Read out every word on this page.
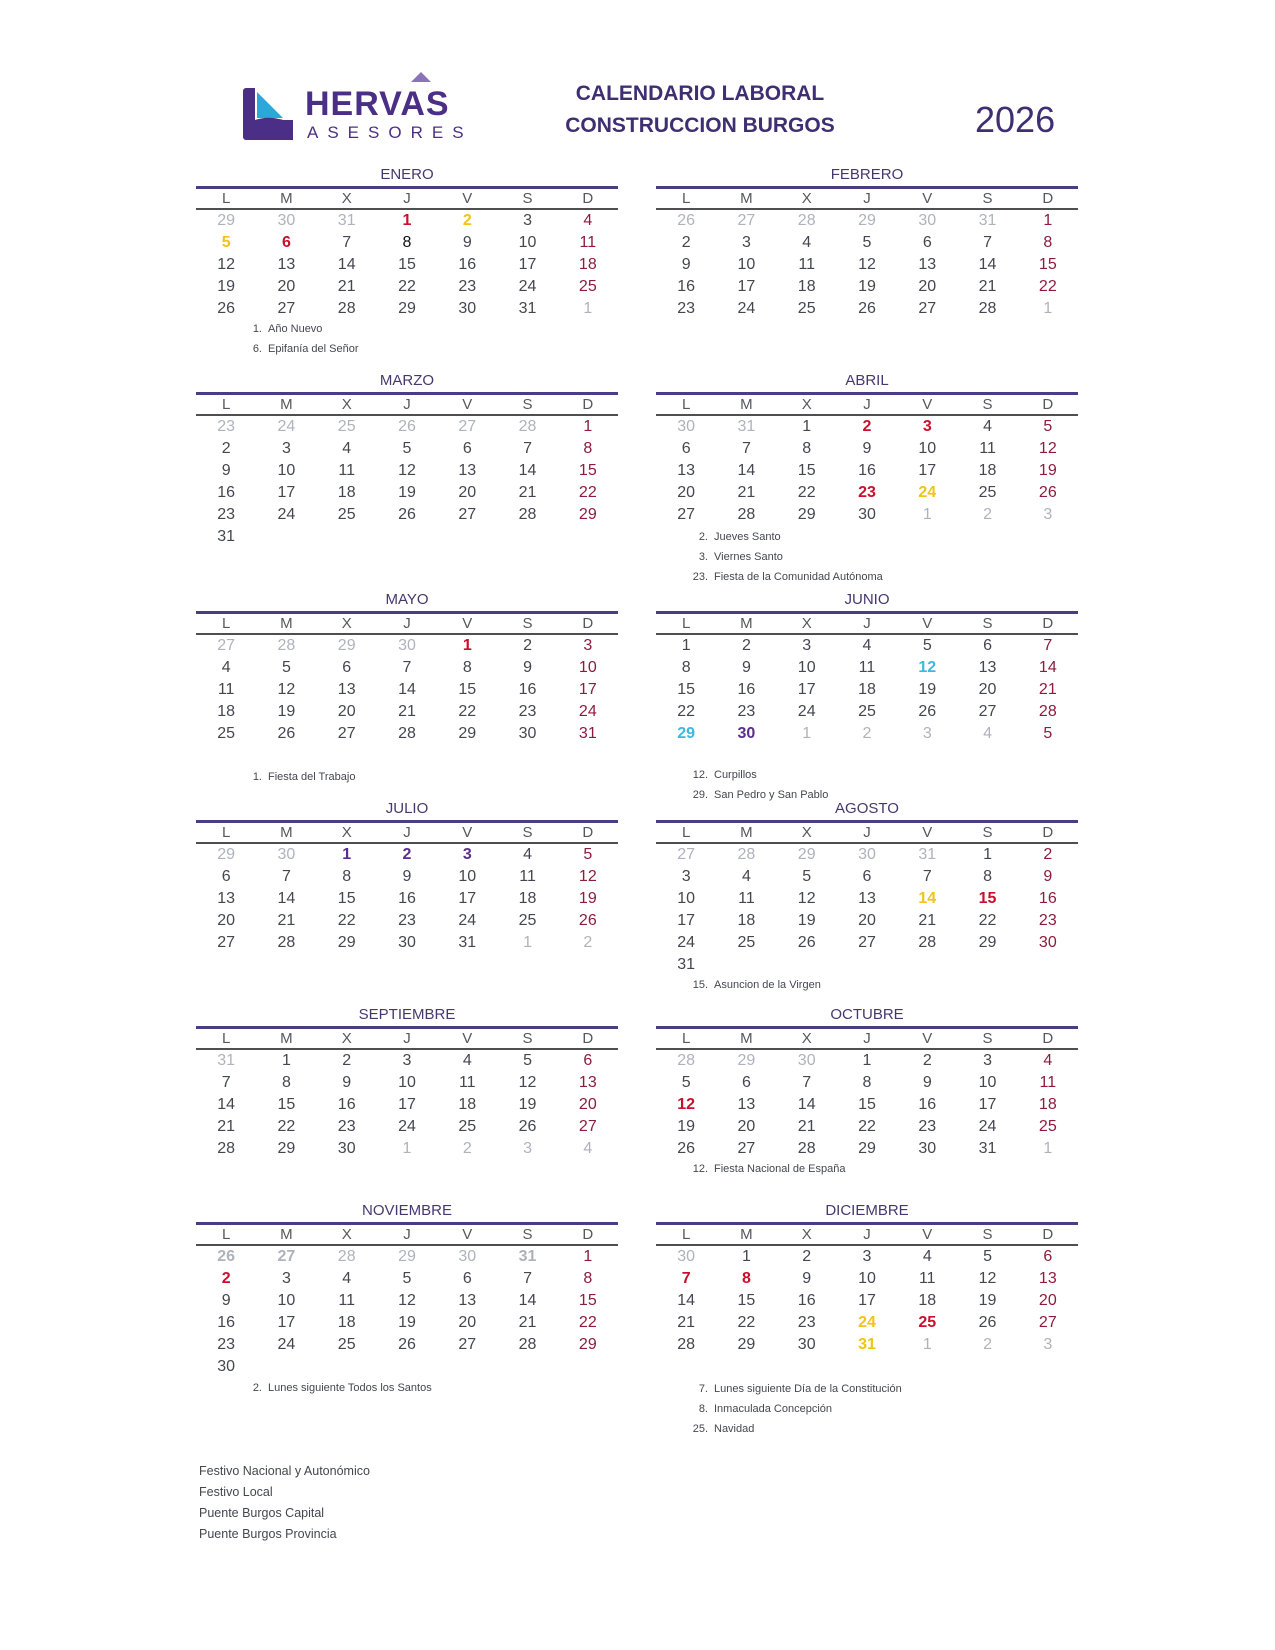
HERVAS
ASESORES
CALENDARIO LABORAL
CONSTRUCCION BURGOS	2026
ENERO
L	M	X	J	V	S	D
29	30	31	1	2	3	4
5	6	7	8	9	10	11
12	13	14	15	16	17	18
19	20	21	22	23	24	25
26	27	28	29	30	31	1
FEBRERO
L	M	X	J	V	S	D
26	27	28	29	30	31	1
2	3	4	5	6	7	8
9	10	11	12	13	14	15
16	17	18	19	20	21	22
23	24	25	26	27	28	1
MARZO
L	M	X	J	V	S	D
23	24	25	26	27	28	1
2	3	4	5	6	7	8
9	10	11	12	13	14	15
16	17	18	19	20	21	22
23	24	25	26	27	28	29
31
ABRIL
L	M	X	J	V	S	D
30	31	1	2	3	4	5
6	7	8	9	10	11	12
13	14	15	16	17	18	19
20	21	22	23	24	25	26
27	28	29	30	1	2	3
MAYO
L	M	X	J	V	S	D
27	28	29	30	1	2	3
4	5	6	7	8	9	10
11	12	13	14	15	16	17
18	19	20	21	22	23	24
25	26	27	28	29	30	31
JUNIO
L	M	X	J	V	S	D
1	2	3	4	5	6	7
8	9	10	11	12	13	14
15	16	17	18	19	20	21
22	23	24	25	26	27	28
29	30	1	2	3	4	5
JULIO
L	M	X	J	V	S	D
29	30	1	2	3	4	5
6	7	8	9	10	11	12
13	14	15	16	17	18	19
20	21	22	23	24	25	26
27	28	29	30	31	1	2
AGOSTO
L	M	X	J	V	S	D
27	28	29	30	31	1	2
3	4	5	6	7	8	9
10	11	12	13	14	15	16
17	18	19	20	21	22	23
24	25	26	27	28	29	30
31
SEPTIEMBRE
L	M	X	J	V	S	D
31	1	2	3	4	5	6
7	8	9	10	11	12	13
14	15	16	17	18	19	20
21	22	23	24	25	26	27
28	29	30	1	2	3	4
OCTUBRE
L	M	X	J	V	S	D
28	29	30	1	2	3	4
5	6	7	8	9	10	11
12	13	14	15	16	17	18
19	20	21	22	23	24	25
26	27	28	29	30	31	1
NOVIEMBRE
L	M	X	J	V	S	D
26	27	28	29	30	31	1
2	3	4	5	6	7	8
9	10	11	12	13	14	15
16	17	18	19	20	21	22
23	24	25	26	27	28	29
30
DICIEMBRE
L	M	X	J	V	S	D
30	1	2	3	4	5	6
7	8	9	10	11	12	13
14	15	16	17	18	19	20
21	22	23	24	25	26	27
28	29	30	31	1	2	3
1. Año Nuevo
6. Epifanía del Señor
2. Jueves Santo
3. Viernes Santo
23. Fiesta de la Comunidad Autónoma
1. Fiesta del Trabajo	12. Curpillos
29. San Pedro y San Pablo
15. Asuncion de la Virgen
12. Fiesta Nacional de España
2. Lunes siguiente Todos los Santos	7. Lunes siguiente Día de la Constitución
8. Inmaculada Concepción
25. Navidad
Festivo Nacional y Autonómico
Festivo Local
Puente Burgos Capital
Puente Burgos Provincia
